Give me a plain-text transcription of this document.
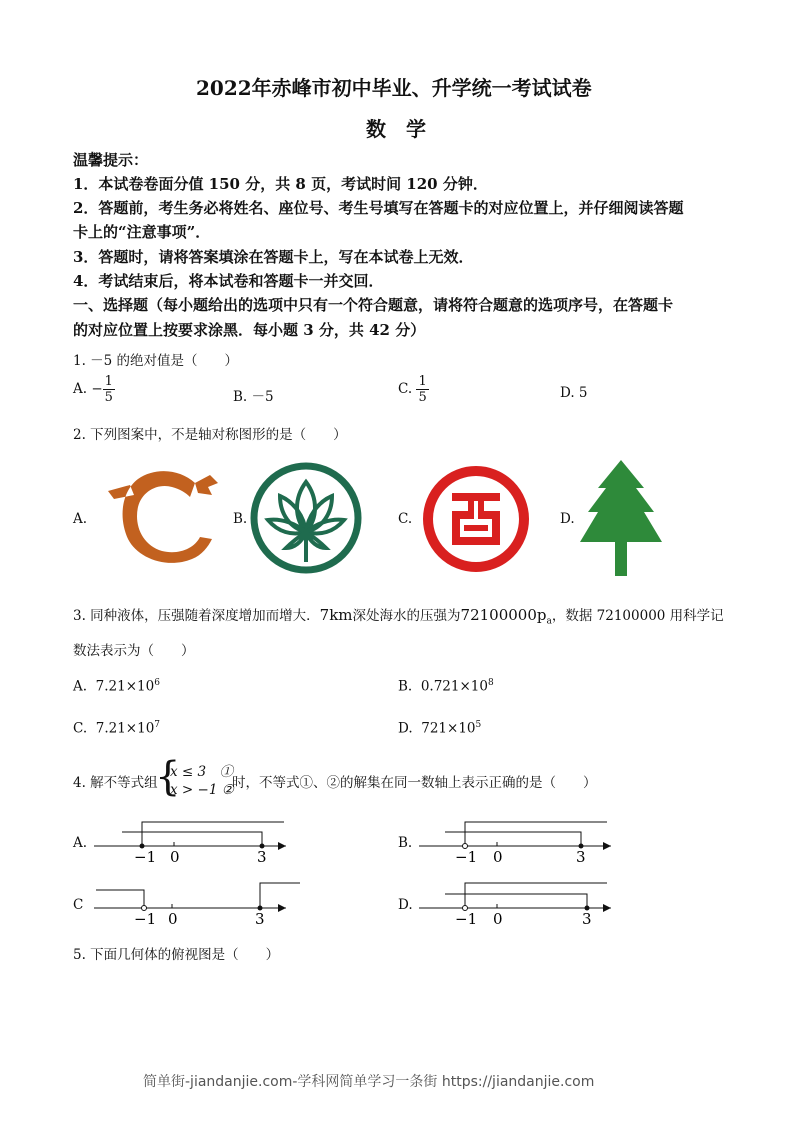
2022年赤峰市初中毕业、升学统一考试试卷
数　学
温馨提示：
1．本试卷卷面分值 150 分，共 8 页，考试时间 120 分钟．
2．答题前，考生务必将姓名、座位号、考生号填写在答题卡的对应位置上，并仔细阅读答题
卡上的“注意事项”．
3．答题时，请将答案填涂在答题卡上，写在本试卷上无效．
4．考试结束后，将本试卷和答题卡一并交回．
一、选择题（每小题给出的选项中只有一个符合题意，请将符合题意的选项序号，在答题卡
的对应位置上按要求涂黑．每小题 3 分，共 42 分）
1. －5 的绝对值是（　　）
A. − $\frac{1}{5}$	B. －5	C. $\frac{1}{5}$	D. 5
2. 下列图案中，不是轴对称图形的是（　　）
A.	B.	C.	D.
3. 同种液体，压强随着深度增加而增大．7km深处海水的压强为$72100000p_a$，数据 72100000 用科学记
数法表示为（　　）
A. $7.21\times 10^6$	B. $0.721\times 10^8$
C. $7.21\times 10^7$	D. $721\times 10^5$
4. 解不等式组
{
x ≤ 3　①
x > −1 ②
时，不等式①、②的解集在同一数轴上表示正确的是（　　）
A.
−1 0	3
B.
−1 0	3
C
−1 0	3
D.
−1 0	3
5. 下面几何体的俯视图是（　　）
简单街-jiandanjie.com-学科网简单学习一条街 https://jiandanjie.com
